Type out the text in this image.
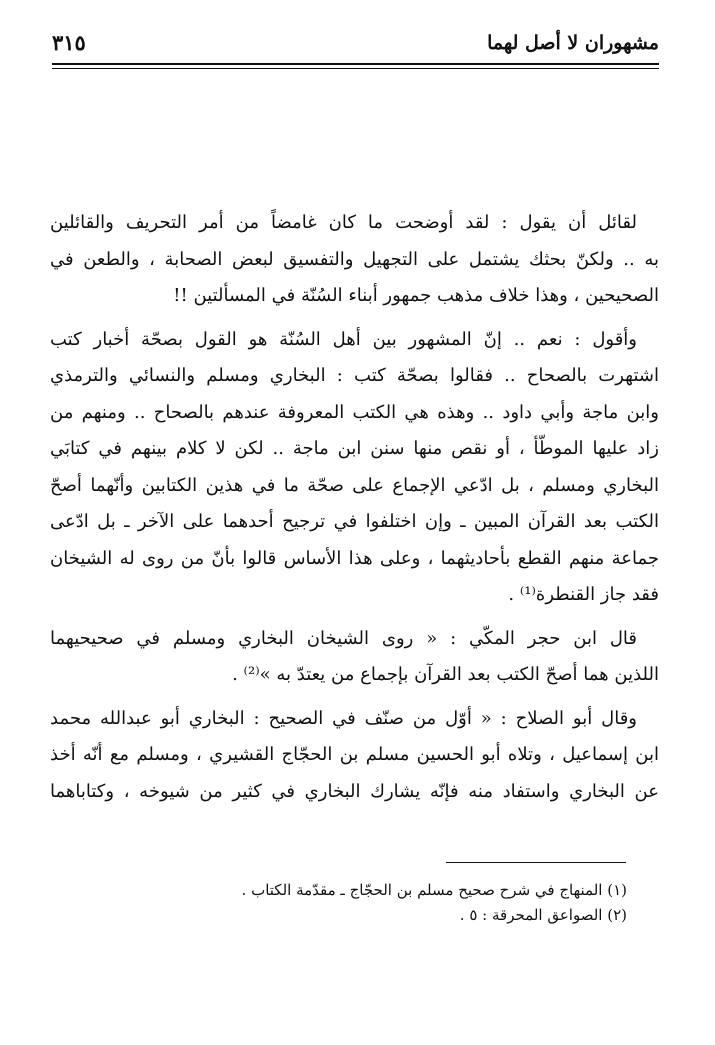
مشهوران لا أصل لهما
٣١٥

لقائل أن يقول : لقد أوضحت ما كان غامضاً من أمر التحريف والقائلين
به .. ولكنّ بحثك يشتمل على التجهيل والتفسيق لبعض الصحابة ، والطعن في
الصحيحين ، وهذا خلاف مذهب جمهور أبناء السُنّة في المسألتين !!

وأقول : نعم .. إنّ المشهور بين أهل السُنّة هو القول بصحّة أخبار كتب
اشتهرت بالصحاح .. فقالوا بصحّة كتب : البخاري ومسلم والنسائي والترمذي
وابن ماجة وأبي داود .. وهذه هي الكتب المعروفة عندهم بالصحاح .. ومنهم من
زاد عليها الموطّأ ، أو نقص منها سنن ابن ماجة .. لكن لا كلام بينهم في كتابَي
البخاري ومسلم ، بل ادّعي الإجماع على صحّة ما في هذين الكتابين وأنّهما أصحّ
الكتب بعد القرآن المبين ـ وإن اختلفوا في ترجيح أحدهما على الآخر ـ بل ادّعى
جماعة منهم القطع بأحاديثهما ، وعلى هذا الأساس قالوا بأنّ من روى له الشيخان
فقد جاز القنطرة⁽¹⁾ .

قال ابن حجر المكّي : « روى الشيخان البخاري ومسلم في صحيحيهما
اللذين هما أصحّ الكتب بعد القرآن بإجماع من يعتدّ به »⁽²⁾ .

وقال أبو الصلاح : « أوّل من صنّف في الصحيح : البخاري أبو عبدالله محمد
ابن إسماعيل ، وتلاه أبو الحسين مسلم بن الحجّاج القشيري ، ومسلم مع أنّه أخذ
عن البخاري واستفاد منه فإنّه يشارك البخاري في كثير من شيوخه ، وكتاباهما

(١) المنهاج في شرح صحيح مسلم بن الحجّاج ـ مقدّمة الكتاب .
(٢) الصواعق المحرقة : ٥ .
